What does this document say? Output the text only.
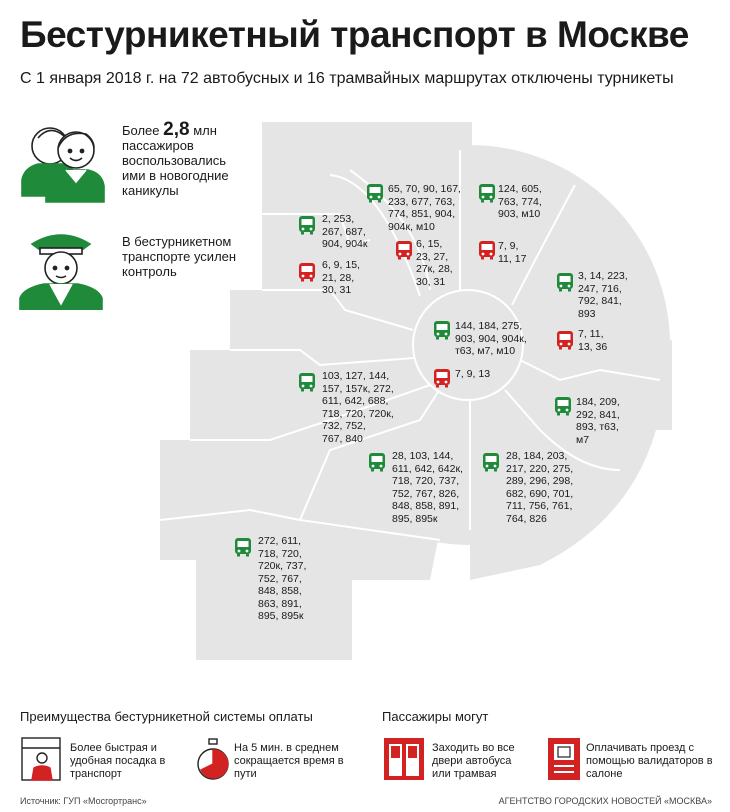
Бестурникетный транспорт в Москве
С 1 января 2018 г. на 72 автобусных и 16 трамвайных маршрутах отключены турникеты
Более 2,8 млн пассажиров воспользовались ими в новогодние каникулы
В бестурникетном транспорте усилен контроль
2, 253,
267, 687,
904, 904к
6, 9, 15,
21, 28,
30, 31
65, 70, 90, 167,
233, 677, 763,
774, 851, 904,
904к, м10
6, 15,
23, 27,
27к, 28,
30, 31
124, 605,
763, 774,
903, м10
7, 9,
11, 17
3, 14, 223,
247, 716,
792, 841,
893
7, 11,
13, 36
144, 184, 275,
903, 904, 904к,
т63, м7, м10
7, 9, 13
103, 127, 144,
157, 157к, 272,
611, 642, 688,
718, 720, 720к,
732, 752,
767, 840
184, 209,
292, 841,
893, т63,
м7
28, 103, 144,
611, 642, 642к,
718, 720, 737,
752, 767, 826,
848, 858, 891,
895, 895к
28, 184, 203,
217, 220, 275,
289, 296, 298,
682, 690, 701,
711, 756, 761,
764, 826
272, 611,
718, 720,
720к, 737,
752, 767,
848, 858,
863, 891,
895, 895к
Преимущества бестурникетной системы оплаты	Пассажиры могут
Более быстрая и удобная посадка в транспорт
На 5 мин. в среднем сокращается время в пути
Заходить во все двери автобуса или трамвая
Оплачивать проезд с помощью валидаторов в салоне
Источник: ГУП «Мосгортранс»	АГЕНТСТВО ГОРОДСКИХ НОВОСТЕЙ «МОСКВА»
